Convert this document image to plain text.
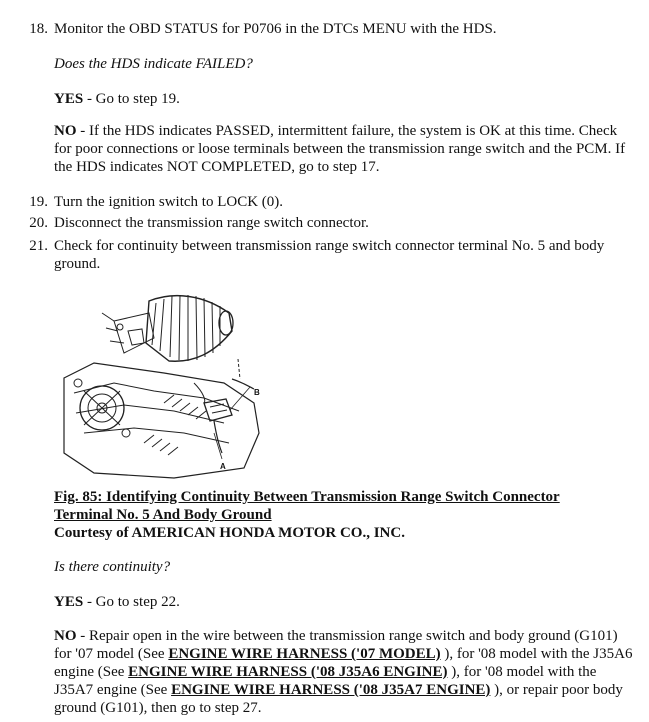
18. Monitor the OBD STATUS for P0706 in the DTCs MENU with the HDS.
Does the HDS indicate FAILED?
YES - Go to step 19.
NO - If the HDS indicates PASSED, intermittent failure, the system is OK at this time. Check for poor connections or loose terminals between the transmission range switch and the PCM. If the HDS indicates NOT COMPLETED, go to step 17.
19. Turn the ignition switch to LOCK (0).
20. Disconnect the transmission range switch connector.
21. Check for continuity between transmission range switch connector terminal No. 5 and body ground.
B
A
Fig. 85: Identifying Continuity Between Transmission Range Switch Connector
Terminal No. 5 And Body Ground
Courtesy of AMERICAN HONDA MOTOR CO., INC.
Is there continuity?
YES - Go to step 22.
NO - Repair open in the wire between the transmission range switch and body ground (G101) for '07 model (See ENGINE WIRE HARNESS ('07 MODEL) ), for '08 model with the J35A6 engine (See ENGINE WIRE HARNESS ('08 J35A6 ENGINE) ), for '08 model with the J35A7 engine (See ENGINE WIRE HARNESS ('08 J35A7 ENGINE) ), or repair poor body ground (G101), then go to step 27.
